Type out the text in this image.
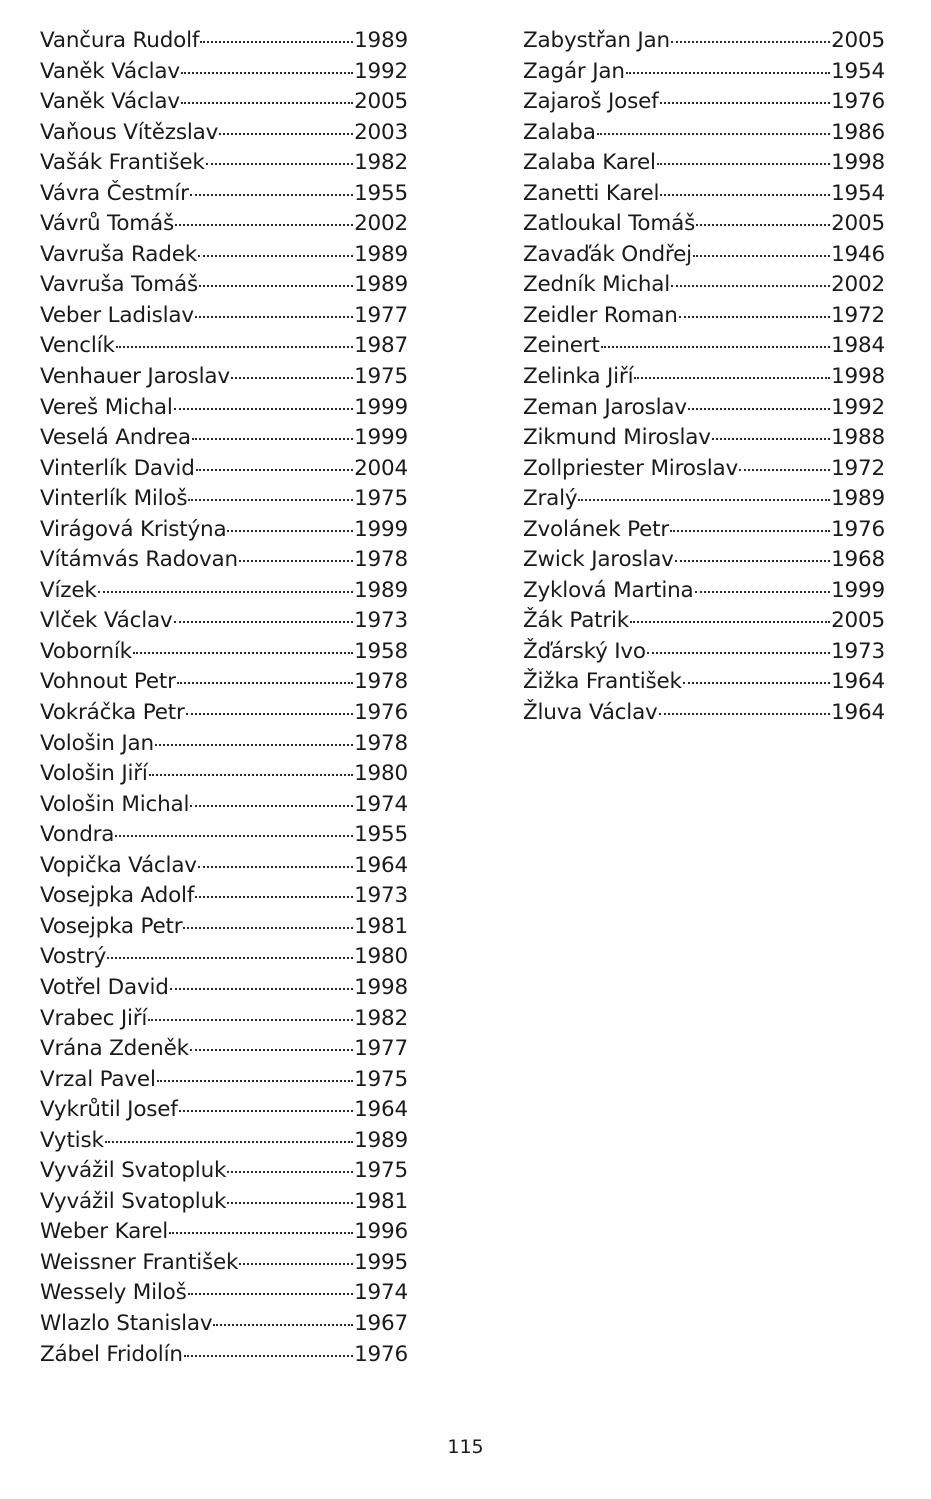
Vančura Rudolf	1989
Vaněk Václav	1992
Vaněk Václav	2005
Vaňous Vítězslav	2003
Vašák František	1982
Vávra Čestmír	1955
Vávrů Tomáš	2002
Vavruša Radek	1989
Vavruša Tomáš	1989
Veber Ladislav	1977
Venclík	1987
Venhauer Jaroslav	1975
Vereš Michal	1999
Veselá Andrea	1999
Vinterlík David	2004
Vinterlík Miloš	1975
Virágová Kristýna	1999
Vítámvás Radovan	1978
Vízek	1989
Vlček Václav	1973
Voborník	1958
Vohnout Petr	1978
Vokráčka Petr	1976
Vološin Jan	1978
Vološin Jiří	1980
Vološin Michal	1974
Vondra	1955
Vopička Václav	1964
Vosejpka Adolf	1973
Vosejpka Petr	1981
Vostrý	1980
Votřel David	1998
Vrabec Jiří	1982
Vrána Zdeněk	1977
Vrzal Pavel	1975
Vykrůtil Josef	1964
Vytisk	1989
Vyvážil Svatopluk	1975
Vyvážil Svatopluk	1981
Weber Karel	1996
Weissner František	1995
Wessely Miloš	1974
Wlazlo Stanislav	1967
Zábel Fridolín	1976
Zabystřan Jan	2005
Zagár Jan	1954
Zajaroš Josef	1976
Zalaba	1986
Zalaba Karel	1998
Zanetti Karel	1954
Zatloukal Tomáš	2005
Zavaďák Ondřej	1946
Zedník Michal	2002
Zeidler Roman	1972
Zeinert	1984
Zelinka Jiří	1998
Zeman Jaroslav	1992
Zikmund Miroslav	1988
Zollpriester Miroslav	1972
Zralý	1989
Zvolánek Petr	1976
Zwick Jaroslav	1968
Zyklová Martina	1999
Žák Patrik	2005
Žďárský Ivo	1973
Žižka František	1964
Žluva Václav	1964
115
